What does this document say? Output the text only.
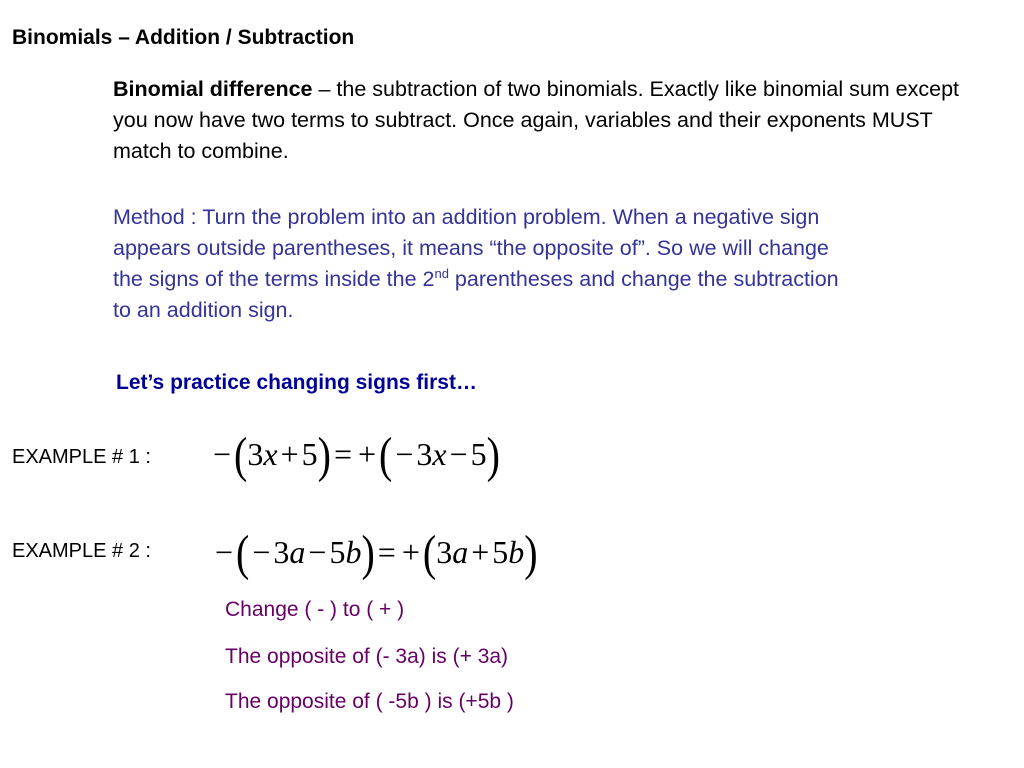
Binomials – Addition / Subtraction
Binomial difference – the subtraction of two binomials. Exactly like binomial sum except you now have two terms to subtract. Once again, variables and their exponents MUST match to combine.
Method : Turn the problem into an addition problem. When a negative sign appears outside parentheses, it means “the opposite of”. So we will change the signs of the terms inside the 2nd parentheses and change the subtraction to an addition sign.
Let’s practice changing signs first…
EXAMPLE # 1 : − ( 3 x + 5 ) = + ( − 3 x − 5 )
EXAMPLE # 2 : − ( − 3 a − 5 b ) = + ( 3 a + 5 b )
Change ( - ) to ( + )
The opposite of (- 3a) is (+ 3a)
The opposite of ( -5b ) is (+5b )
